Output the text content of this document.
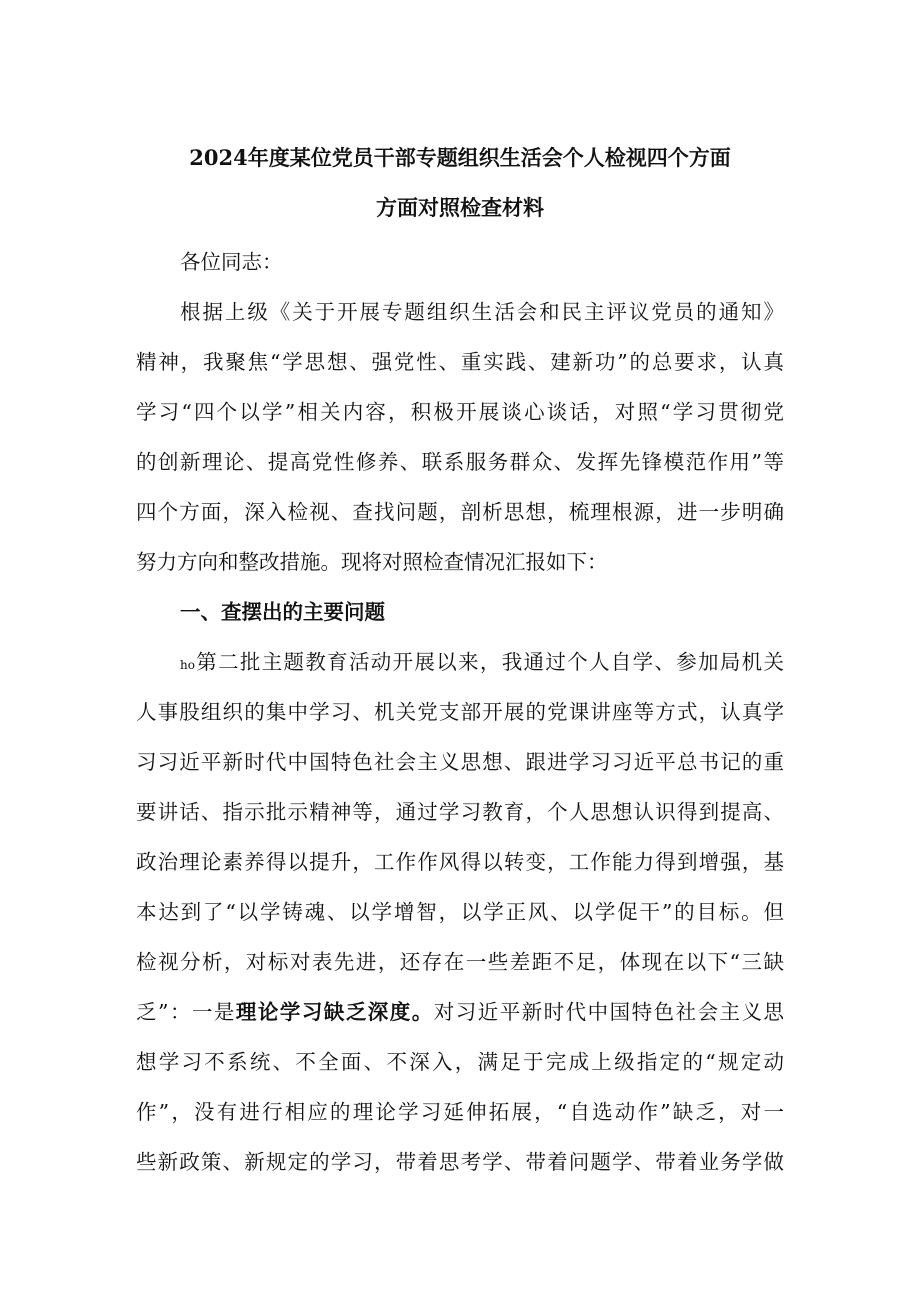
2024年度某位党员干部专题组织生活会个人检视四个方面
方面对照检查材料
各位同志：
根据上级《关于开展专题组织生活会和民主评议党员的通知》
精神，我聚焦“学思想、强党性、重实践、建新功”的总要求，认真
学习“四个以学”相关内容，积极开展谈心谈话，对照“学习贯彻党
的创新理论、提高党性修养、联系服务群众、发挥先锋模范作用”等
四个方面，深入检视、查找问题，剖析思想，梳理根源，进一步明确
努力方向和整改措施。现将对照检查情况汇报如下：
一、查摆出的主要问题
ho第二批主题教育活动开展以来，我通过个人自学、参加局机关
人事股组织的集中学习、机关党支部开展的党课讲座等方式，认真学
习习近平新时代中国特色社会主义思想、跟进学习习近平总书记的重
要讲话、指示批示精神等，通过学习教育，个人思想认识得到提高、
政治理论素养得以提升，工作作风得以转变，工作能力得到增强，基
本达到了“以学铸魂、以学增智，以学正风、以学促干”的目标。但
检视分析，对标对表先进，还存在一些差距不足，体现在以下“三缺
乏”：一是理论学习缺乏深度。对习近平新时代中国特色社会主义思
想学习不系统、不全面、不深入，满足于完成上级指定的“规定动
作”，没有进行相应的理论学习延伸拓展，“自选动作”缺乏，对一
些新政策、新规定的学习，带着思考学、带着问题学、带着业务学做
